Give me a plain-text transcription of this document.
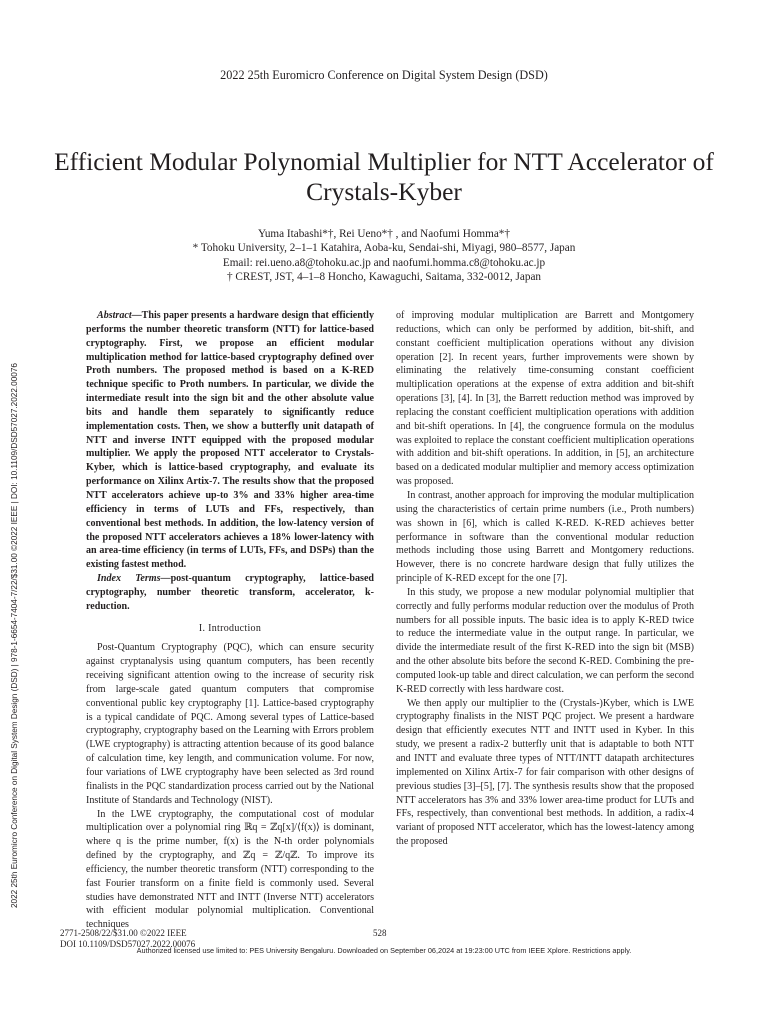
2022 25th Euromicro Conference on Digital System Design (DSD)
Efficient Modular Polynomial Multiplier for NTT Accelerator of Crystals-Kyber
Yuma Itabashi*†, Rei Ueno*† , and Naofumi Homma*†
* Tohoku University, 2–1–1 Katahira, Aoba-ku, Sendai-shi, Miyagi, 980–8577, Japan
Email: rei.ueno.a8@tohoku.ac.jp and naofumi.homma.c8@tohoku.ac.jp
† CREST, JST, 4–1–8 Honcho, Kawaguchi, Saitama, 332-0012, Japan
2022 25th Euromicro Conference on Digital System Design (DSD) | 978-1-6654-7404-7/22/$31.00 ©2022 IEEE | DOI: 10.1109/DSD57027.2022.00076

Abstract—This paper presents a hardware design that efficiently performs the number theoretic transform (NTT) for lattice-based cryptography. First, we propose an efficient modular multiplication method for lattice-based cryptography defined over Proth numbers. The proposed method is based on a K-RED technique specific to Proth numbers. In particular, we divide the intermediate result into the sign bit and the other absolute value bits and handle them separately to significantly reduce implementation costs. Then, we show a butterfly unit datapath of NTT and inverse INTT equipped with the proposed modular multiplier. We apply the proposed NTT accelerator to Crystals-Kyber, which is lattice-based cryptography, and evaluate its performance on Xilinx Artix-7. The results show that the proposed NTT accelerators achieve up-to 3% and 33% higher area-time efficiency in terms of LUTs and FFs, respectively, than conventional best methods. In addition, the low-latency version of the proposed NTT accelerators achieves a 18% lower-latency with an area-time efficiency (in terms of LUTs, FFs, and DSPs) than the existing fastest method.

Index Terms—post-quantum cryptography, lattice-based cryptography, number theoretic transform, accelerator, k-reduction.

I. Introduction

Post-Quantum Cryptography (PQC), which can ensure security against cryptanalysis using quantum computers, has been recently receiving significant attention owing to the increase of security risk from large-scale gated quantum computers that compromise conventional public key cryptography [1]. Lattice-based cryptography is a typical candidate of PQC. Among several types of Lattice-based cryptography, cryptography based on the Learning with Errors problem (LWE cryptography) is attracting attention because of its good balance of calculation time, key length, and communication volume. For now, four variations of LWE cryptography have been selected as 3rd round finalists in the PQC standardization process carried out by the National Institute of Standards and Technology (NIST).

In the LWE cryptography, the computational cost of modular multiplication over a polynomial ring ℝq = ℤq[x]/⟨f(x)⟩ is dominant, where q is the prime number, f(x) is the N-th order polynomials defined by the cryptography, and ℤq = ℤ/qℤ. To improve its efficiency, the number theoretic transform (NTT) corresponding to the fast Fourier transform on a finite field is commonly used. Several studies have demonstrated NTT and INTT (Inverse NTT) accelerators with efficient modular polynomial multiplication. Conventional techniques

of improving modular multiplication are Barrett and Montgomery reductions, which can only be performed by addition, bit-shift, and constant coefficient multiplication operations without any division operation [2]. In recent years, further improvements were shown by eliminating the relatively time-consuming constant coefficient multiplication operations at the expense of extra addition and bit-shift operations [3], [4]. In [3], the Barrett reduction method was improved by replacing the constant coefficient multiplication operations with addition and bit-shift operations. In [4], the congruence formula on the modulus was exploited to replace the constant coefficient multiplication operations with addition and bit-shift operations. In addition, in [5], an architecture based on a dedicated modular multiplier and memory access optimization was proposed.

In contrast, another approach for improving the modular multiplication using the characteristics of certain prime numbers (i.e., Proth numbers) was shown in [6], which is called K-RED. K-RED achieves better performance in software than the conventional modular reduction methods including those using Barrett and Montgomery reductions. However, there is no concrete hardware design that fully utilizes the principle of K-RED except for the one [7].

In this study, we propose a new modular polynomial multiplier that correctly and fully performs modular reduction over the modulus of Proth numbers for all possible inputs. The basic idea is to apply K-RED twice to reduce the intermediate value in the output range. In particular, we divide the intermediate result of the first K-RED into the sign bit (MSB) and the other absolute bits before the second K-RED. Combining the pre-computed look-up table and direct calculation, we can perform the second K-RED correctly with less hardware cost.

We then apply our multiplier to the (Crystals-)Kyber, which is LWE cryptography finalists in the NIST PQC project. We present a hardware design that efficiently executes NTT and INTT used in Kyber. In this study, we present a radix-2 butterfly unit that is adaptable to both NTT and INTT and evaluate three types of NTT/INTT datapath architectures implemented on Xilinx Artix-7 for fair comparison with other designs of previous studies [3]–[5], [7]. The synthesis results show that the proposed NTT accelerators has 3% and 33% lower area-time product for LUTs and FFs, respectively, than conventional best methods. In addition, a radix-4 variant of proposed NTT accelerator, which has the lowest-latency among the proposed

2771-2508/22/$31.00 ©2022 IEEE
DOI 10.1109/DSD57027.2022.00076
528
Authorized licensed use limited to: PES University Bengaluru. Downloaded on September 06,2024 at 19:23:00 UTC from IEEE Xplore. Restrictions apply.
